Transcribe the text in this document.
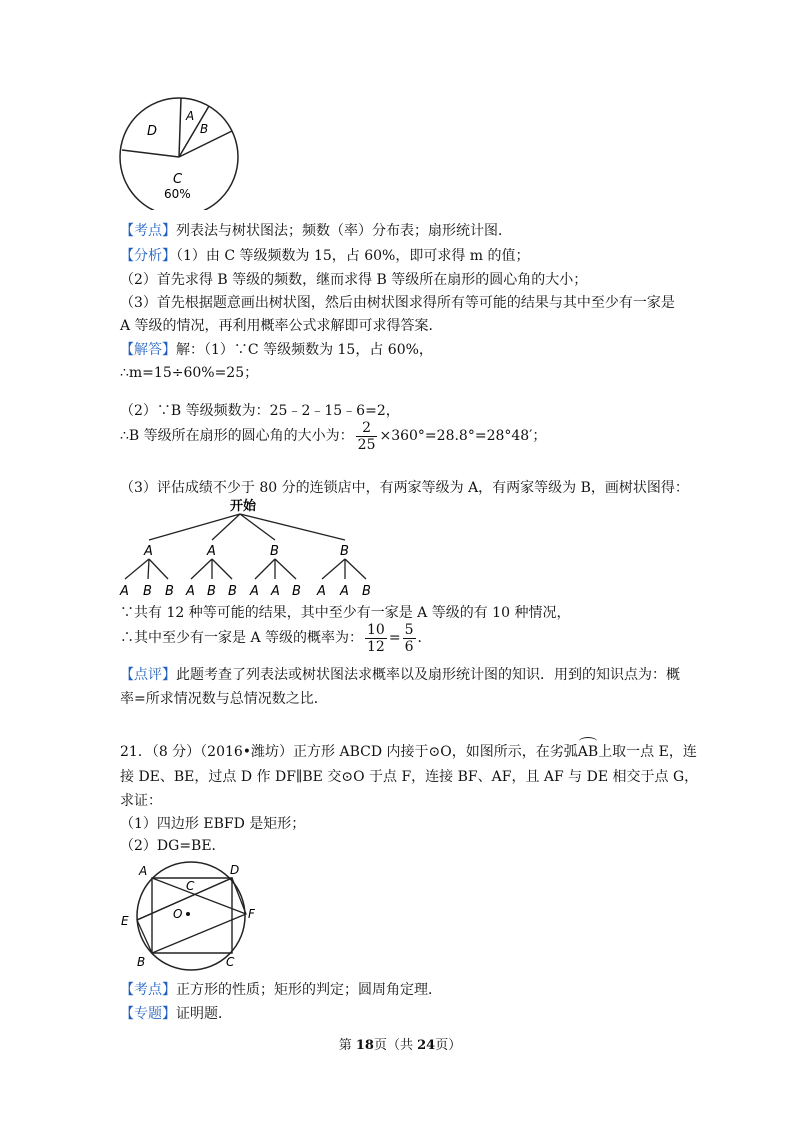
D
A
B
C
60%
【考点】列表法与树状图法；频数（率）分布表；扇形统计图．
【分析】（1）由 C 等级频数为 15，占 60%，即可求得 m 的值；
（2）首先求得 B 等级的频数，继而求得 B 等级所在扇形的圆心角的大小；
（3）首先根据题意画出树状图，然后由树状图求得所有等可能的结果与其中至少有一家是
A 等级的情况，再利用概率公式求解即可求得答案．
【解答】解：（1）∵C 等级频数为 15，占 60%，
∴m=15÷60%=25；
（2）∵B 等级频数为：25﹣2﹣15﹣6=2，
∴B 等级所在扇形的圆心角的大小为： $\frac{2}{25} \times 360^\circ=28.8^\circ=28^\circ 48'$；
（3）评估成绩不少于 80 分的连锁店中，有两家等级为 A，有两家等级为 B，画树状图得：
开始
A
A B B
A
A B B
B
A A B
B
A A B
∵共有 12 种等可能的结果，其中至少有一家是 A 等级的有 10 种情况，
∴其中至少有一家是 A 等级的概率为： $\frac{10}{12} = \frac{5}{6}$ ．
【点评】此题考查了列表法或树状图法求概率以及扇形统计图的知识．用到的知识点为：概
率=所求情况数与总情况数之比．
21．（8 分）（2016•潍坊）正方形 ABCD 内接于⊙O，如图所示，在劣弧
AB上取一点 E，连
接 DE、BE，过点 D 作 DF∥BE 交⊙O 于点 F，连接 BF、AF，且 AF 与 DE 相交于点 G，
求证：
（1）四边形 EBFD 是矩形；
（2）DG=BE．
A	D
C
E	O	F
B	C
【考点】正方形的性质；矩形的判定；圆周角定理．
【专题】证明题．
第 18页（共 24页）
